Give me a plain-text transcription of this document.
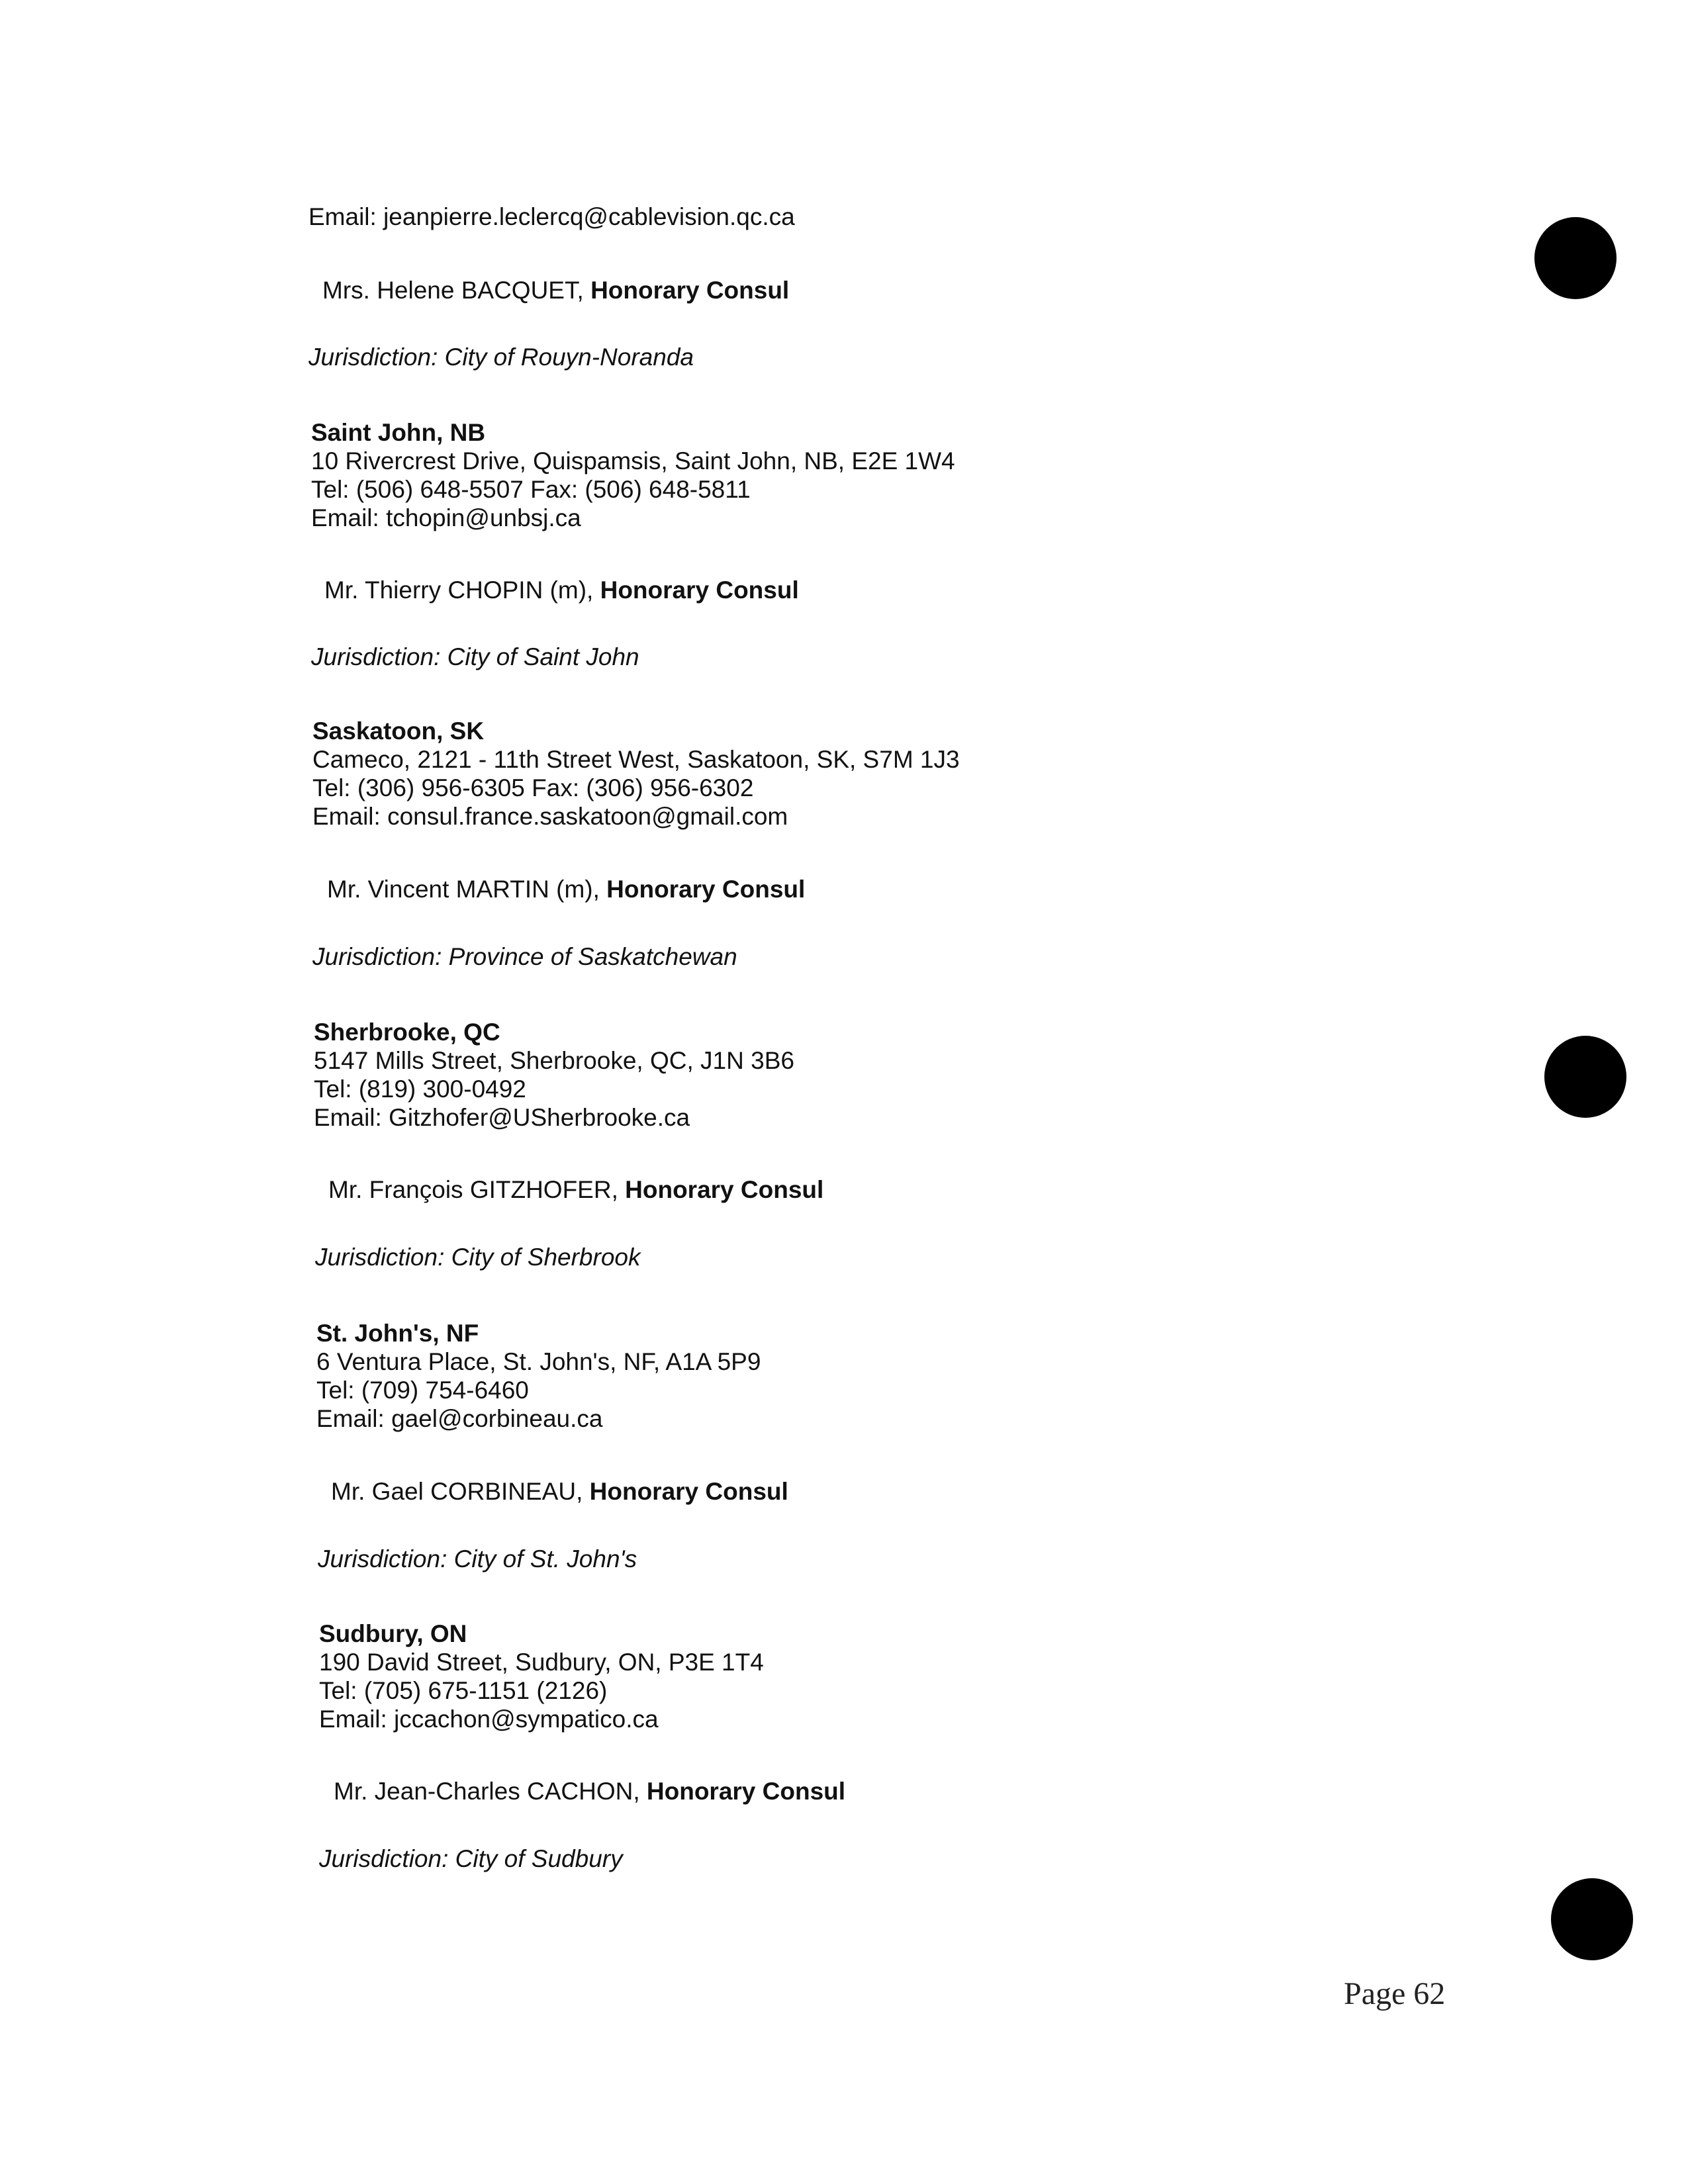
Email: jeanpierre.leclercq@cablevision.qc.ca
Mrs. Helene BACQUET, Honorary Consul
Jurisdiction: City of Rouyn-Noranda
Saint John, NB
10 Rivercrest Drive, Quispamsis, Saint John, NB, E2E 1W4
Tel: (506) 648-5507 Fax: (506) 648-5811
Email: tchopin@unbsj.ca
Mr. Thierry CHOPIN (m), Honorary Consul
Jurisdiction: City of Saint John
Saskatoon, SK
Cameco, 2121 - 11th Street West, Saskatoon, SK, S7M 1J3
Tel: (306) 956-6305 Fax: (306) 956-6302
Email: consul.france.saskatoon@gmail.com
Mr. Vincent MARTIN (m), Honorary Consul
Jurisdiction: Province of Saskatchewan
Sherbrooke, QC
5147 Mills Street, Sherbrooke, QC, J1N 3B6
Tel: (819) 300-0492
Email: Gitzhofer@USherbrooke.ca
Mr. François GITZHOFER, Honorary Consul
Jurisdiction: City of Sherbrook
St. John's, NF
6 Ventura Place, St. John's, NF, A1A 5P9
Tel: (709) 754-6460
Email: gael@corbineau.ca
Mr. Gael CORBINEAU, Honorary Consul
Jurisdiction: City of St. John's
Sudbury, ON
190 David Street, Sudbury, ON, P3E 1T4
Tel: (705) 675-1151 (2126)
Email: jccachon@sympatico.ca
Mr. Jean-Charles CACHON, Honorary Consul
Jurisdiction: City of Sudbury
Page 62
